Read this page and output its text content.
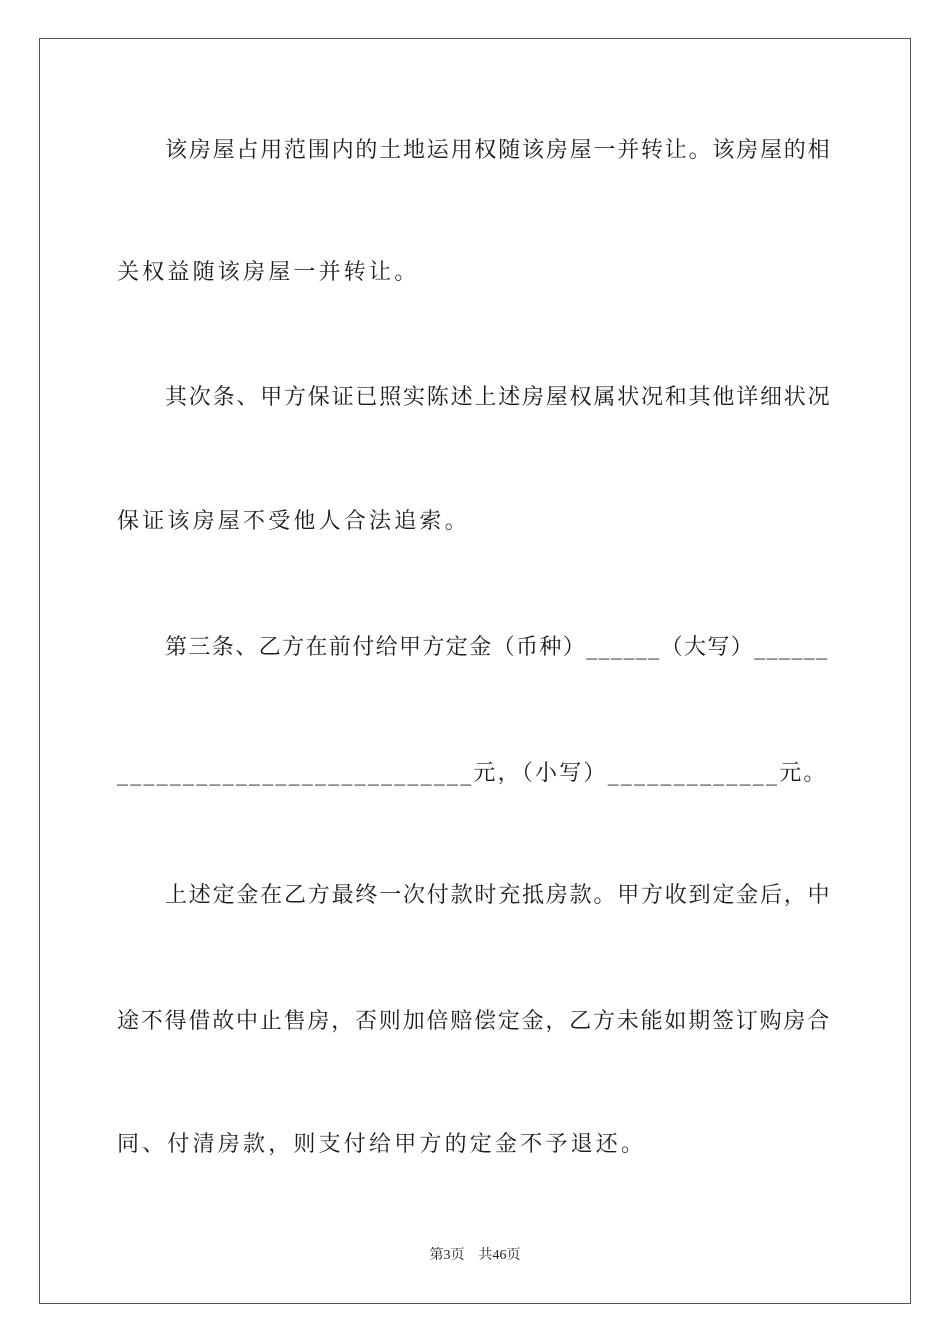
该房屋占用范围内的土地运用权随该房屋一并转让。该房屋的相
关权益随该房屋一并转让。
其次条、甲方保证已照实陈述上述房屋权属状况和其他详细状况
保证该房屋不受他人合法追索。
第三条、乙方在前付给甲方定金（币种）______（大写）______
___________________________元，（小写）_____________元。
上述定金在乙方最终一次付款时充抵房款。甲方收到定金后，中
途不得借故中止售房，否则加倍赔偿定金，乙方未能如期签订购房合
同、付清房款，则支付给甲方的定金不予退还。
第3页 共46页
